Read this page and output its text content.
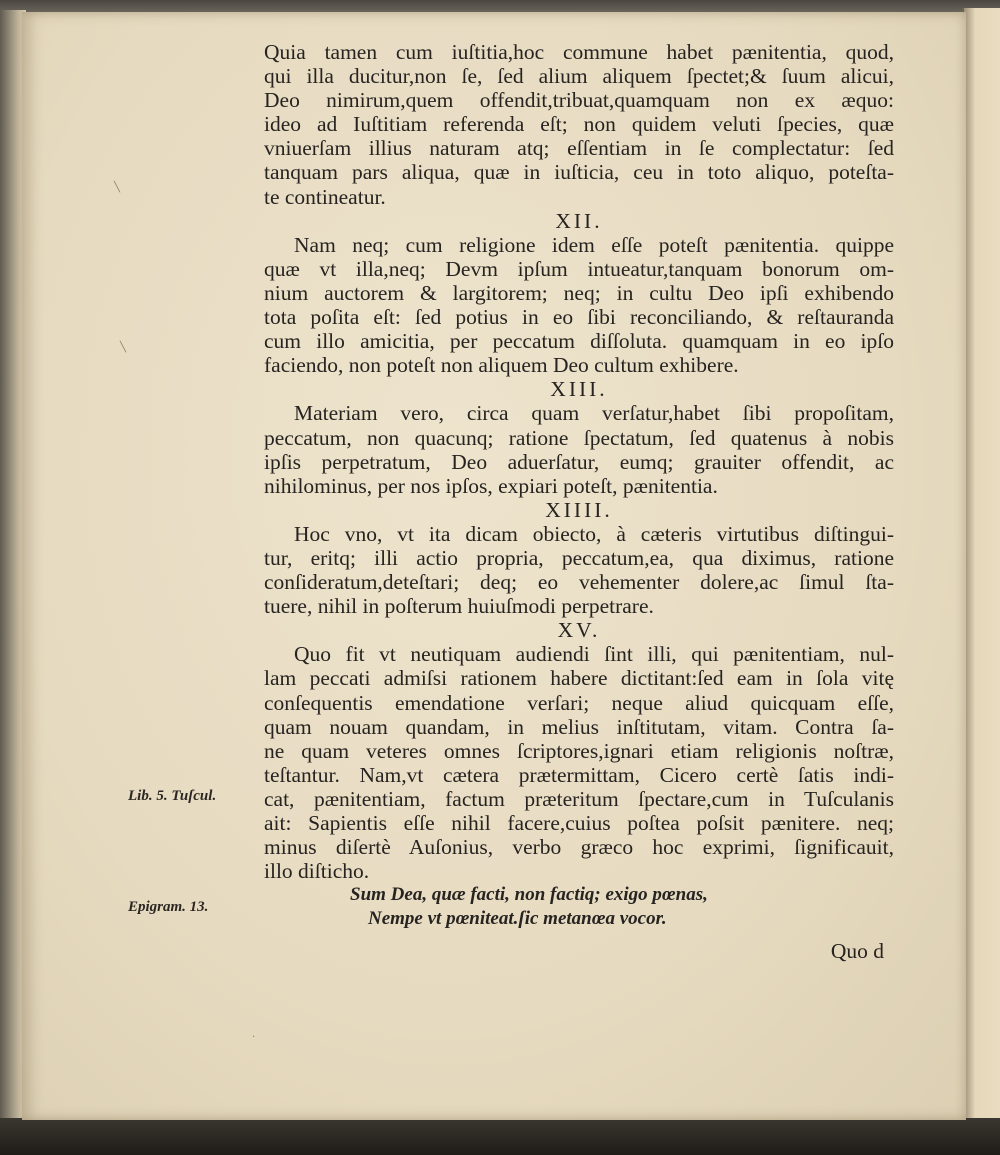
╲
╲
·
Lib. 5. Tuſcul.
Epigram. 13.
Quia tamen cum iuſtitia,hoc commune habet pænitentia, quod,
qui illa ducitur,non ſe, ſed alium aliquem ſpectet;& ſuum alicui,
Deo nimirum,quem offendit,tribuat,quamquam non ex æquo:
ideo ad Iuſtitiam referenda eſt; non quidem veluti ſpecies, quæ
vniuerſam illius naturam atq; eſſentiam in ſe complectatur: ſed
tanquam pars aliqua, quæ in iuſticia, ceu in toto aliquo, poteſta-
te contineatur.
XII.
Nam neq; cum religione idem eſſe poteſt pænitentia. quippe
quæ vt illa,neq; Devm ipſum intueatur,tanquam bonorum om-
nium auctorem & largitorem; neq; in cultu Deo ipſi exhibendo
tota poſita eſt: ſed potius in eo ſibi reconciliando, & reſtauranda
cum illo amicitia, per peccatum diſſoluta. quamquam in eo ipſo
faciendo, non poteſt non aliquem Deo cultum exhibere.
XIII.
Materiam vero, circa quam verſatur,habet ſibi propoſitam,
peccatum, non quacunq; ratione ſpectatum, ſed quatenus à nobis
ipſis perpetratum, Deo aduerſatur, eumq; grauiter offendit, ac
nihilominus, per nos ipſos, expiari poteſt, pænitentia.
XIIII.
Hoc vno, vt ita dicam obiecto, à cæteris virtutibus diſtingui-
tur, eritq; illi actio propria, peccatum,ea, qua diximus, ratione
conſideratum,deteſtari; deq; eo vehementer dolere,ac ſimul ſta-
tuere, nihil in poſterum huiuſmodi perpetrare.
XV.
Quo fit vt neutiquam audiendi ſint illi, qui pænitentiam, nul-
lam peccati admiſsi rationem habere dictitant:ſed eam in ſola vitę
conſequentis emendatione verſari; neque aliud quicquam eſſe,
quam nouam quandam, in melius inſtitutam, vitam. Contra ſa-
ne quam veteres omnes ſcriptores,ignari etiam religionis noſtræ,
teſtantur. Nam,vt cætera prætermittam, Cicero certè ſatis indi-
cat, pænitentiam, factum præteritum ſpectare,cum in Tuſculanis
ait: Sapientis eſſe nihil facere,cuius poſtea poſsit pænitere. neq;
minus diſertè Auſonius, verbo græco hoc exprimi, ſignificauit,
illo diſticho.
Sum Dea, quæ facti, non factiq; exigo pœnas,
Nempe vt pœniteat.ſic metanœa vocor.
Quo d
